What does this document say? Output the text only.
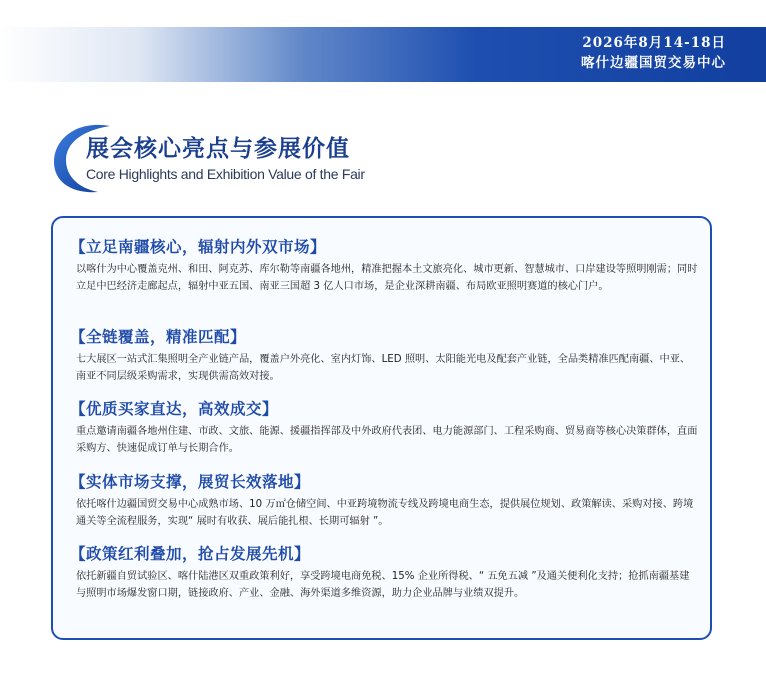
2026年8月14-18日
喀什边疆国贸交易中心
展会核心亮点与参展价值

Core Highlights and Exhibition Value of the Fair

【立足南疆核心，辐射内外双市场】

以喀什为中心覆盖克州、和田、阿克苏、库尔勒等南疆各地州，精准把握本土文旅亮化、城市更新、智慧城市、口岸建设等照明刚需；同时立足中巴经济走廊起点，辐射中亚五国、南亚三国超 3 亿人口市场，是企业深耕南疆、布局欧亚照明赛道的核心门户。

【全链覆盖，精准匹配】

七大展区一站式汇集照明全产业链产品，覆盖户外亮化、室内灯饰、LED 照明、太阳能光电及配套产业链，全品类精准匹配南疆、中亚、南亚不同层级采购需求，实现供需高效对接。

【优质买家直达，高效成交】

重点邀请南疆各地州住建、市政、文旅、能源、援疆指挥部及中外政府代表团、电力能源部门、工程采购商、贸易商等核心决策群体，直面采购方、快速促成订单与长期合作。

【实体市场支撑，展贸长效落地】

依托喀什边疆国贸交易中心成熟市场、10 万㎡仓储空间、中亚跨境物流专线及跨境电商生态，提供展位规划、政策解读、采购对接、跨境通关等全流程服务，实现“ 展时有收获、展后能扎根、长期可辐射 ”。

【政策红利叠加，抢占发展先机】

依托新疆自贸试验区、喀什陆港区双重政策利好，享受跨境电商免税、15% 企业所得税、“ 五免五减 ”及通关便利化支持；抢抓南疆基建与照明市场爆发窗口期，链接政府、产业、金融、海外渠道多维资源，助力企业品牌与业绩双提升。
